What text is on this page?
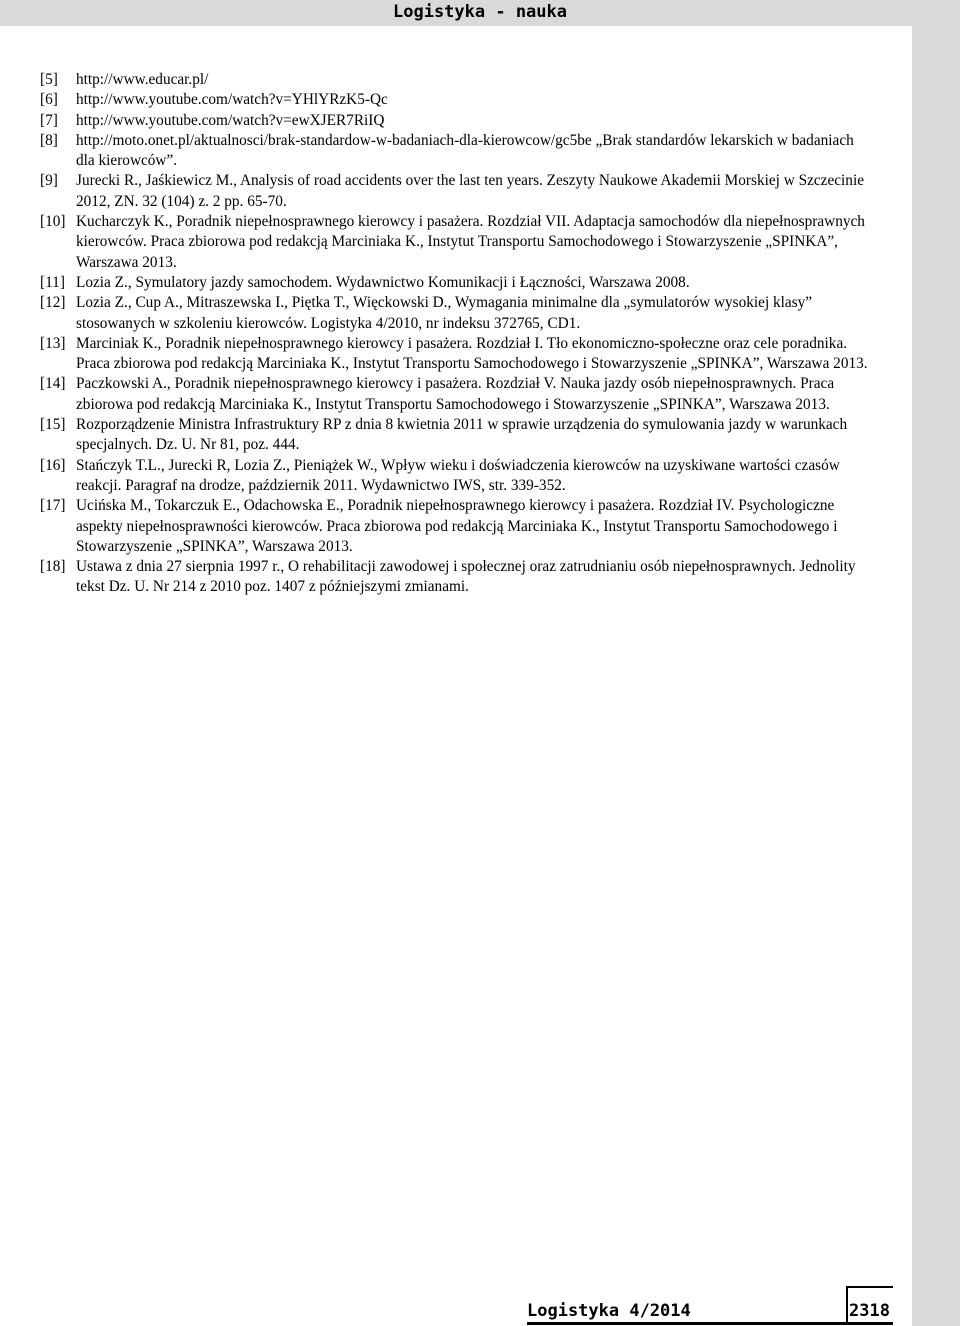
Logistyka - nauka
[5] http://www.educar.pl/
[6] http://www.youtube.com/watch?v=YHlYRzK5-Qc
[7] http://www.youtube.com/watch?v=ewXJER7RiIQ
[8] http://moto.onet.pl/aktualnosci/brak-standardow-w-badaniach-dla-kierowcow/gc5be „Brak standardów lekarskich w badaniach dla kierowców”.
[9] Jurecki R., Jaśkiewicz M., Analysis of road accidents over the last ten years. Zeszyty Naukowe Akademii Morskiej w Szczecinie 2012, ZN. 32 (104) z. 2 pp. 65-70.
[10] Kucharczyk K., Poradnik niepełnosprawnego kierowcy i pasażera. Rozdział VII. Adaptacja samochodów dla niepełnosprawnych kierowców. Praca zbiorowa pod redakcją Marciniaka K., Instytut Transportu Samochodowego i Stowarzyszenie „SPINKA”, Warszawa 2013.
[11] Lozia Z., Symulatory jazdy samochodem. Wydawnictwo Komunikacji i Łączności, Warszawa 2008.
[12] Lozia Z., Cup A., Mitraszewska I., Piętka T., Więckowski D., Wymagania minimalne dla „symulatorów wysokiej klasy” stosowanych w szkoleniu kierowców. Logistyka 4/2010, nr indeksu 372765, CD1.
[13] Marciniak K., Poradnik niepełnosprawnego kierowcy i pasażera. Rozdział I. Tło ekonomiczno-społeczne oraz cele poradnika. Praca zbiorowa pod redakcją Marciniaka K., Instytut Transportu Samochodowego i Stowarzyszenie „SPINKA”, Warszawa 2013.
[14] Paczkowski A., Poradnik niepełnosprawnego kierowcy i pasażera. Rozdział V. Nauka jazdy osób niepełnosprawnych. Praca zbiorowa pod redakcją Marciniaka K., Instytut Transportu Samochodowego i Stowarzyszenie „SPINKA”, Warszawa 2013.
[15] Rozporządzenie Ministra Infrastruktury RP z dnia 8 kwietnia 2011 w sprawie urządzenia do symulowania jazdy w warunkach specjalnych. Dz. U. Nr 81, poz. 444.
[16] Stańczyk T.L., Jurecki R, Lozia Z., Pieniążek W., Wpływ wieku i doświadczenia kierowców na uzyskiwane wartości czasów reakcji. Paragraf na drodze, październik 2011. Wydawnictwo IWS, str. 339-352.
[17] Ucińska M., Tokarczuk E., Odachowska E., Poradnik niepełnosprawnego kierowcy i pasażera. Rozdział IV. Psychologiczne aspekty niepełnosprawności kierowców. Praca zbiorowa pod redakcją Marciniaka K., Instytut Transportu Samochodowego i Stowarzyszenie „SPINKA”, Warszawa 2013.
[18] Ustawa z dnia 27 sierpnia 1997 r., O rehabilitacji zawodowej i społecznej oraz zatrudnianiu osób niepełnosprawnych. Jednolity tekst Dz. U. Nr 214 z 2010 poz. 1407 z późniejszymi zmianami.
Logistyka 4/2014	2318
